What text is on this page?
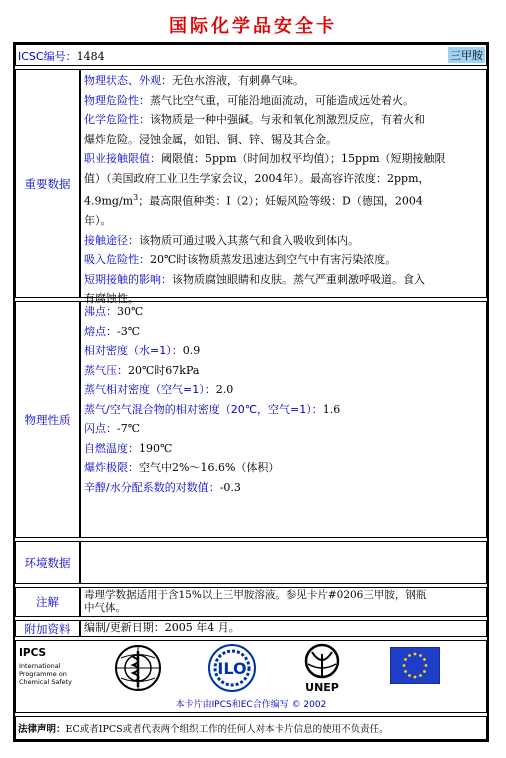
国际化学品安全卡
ICSC编号：1484	三甲胺
重要数据
物理状态、外观：无色水溶液，有刺鼻气味。
物理危险性：蒸气比空气重，可能沿地面流动，可能造成远处着火。
化学危险性：该物质是一种中强碱。与汞和氧化剂激烈反应，有着火和
爆炸危险。浸蚀金属，如铝、铜、锌、锡及其合金。
职业接触限值：阈限值：5ppm（时间加权平均值）；15ppm（短期接触限
值）（美国政府工业卫生学家会议，2004年）。最高容许浓度：2ppm，
$4.9mg/m^3$；最高限值种类：I（2）；妊娠风险等级：D（德国，2004
年）。
接触途径：该物质可通过吸入其蒸气和食入吸收到体内。
吸入危险性：20℃时该物质蒸发迅速达到空气中有害污染浓度。
短期接触的影响：该物质腐蚀眼睛和皮肤。蒸气严重刺激呼吸道。食入
有腐蚀性。
物理性质
沸点：30℃
熔点：-3℃
相对密度（水=1）：0.9
蒸气压：20℃时67kPa
蒸气相对密度（空气=1）：2.0
蒸气/空气混合物的相对密度（20℃，空气=1）：1.6
闪点：-7℃
自燃温度：190℃
爆炸极限：空气中2%～16.6%（体积）
辛醇/水分配系数的对数值：-0.3
环境数据
注解	毒理学数据适用于含15%以上三甲胺溶液。参见卡片#0206三甲胺，钢瓶
中气体。
附加资料	编制/更新日期：2005 年4 月。
IPCS
International
Programme on
Chemical Safety
ILO
UNEP
本卡片由IPCS和EC合作编写 © 2002
法律声明：EC或者IPCS或者代表两个组织工作的任何人对本卡片信息的使用不负责任。
